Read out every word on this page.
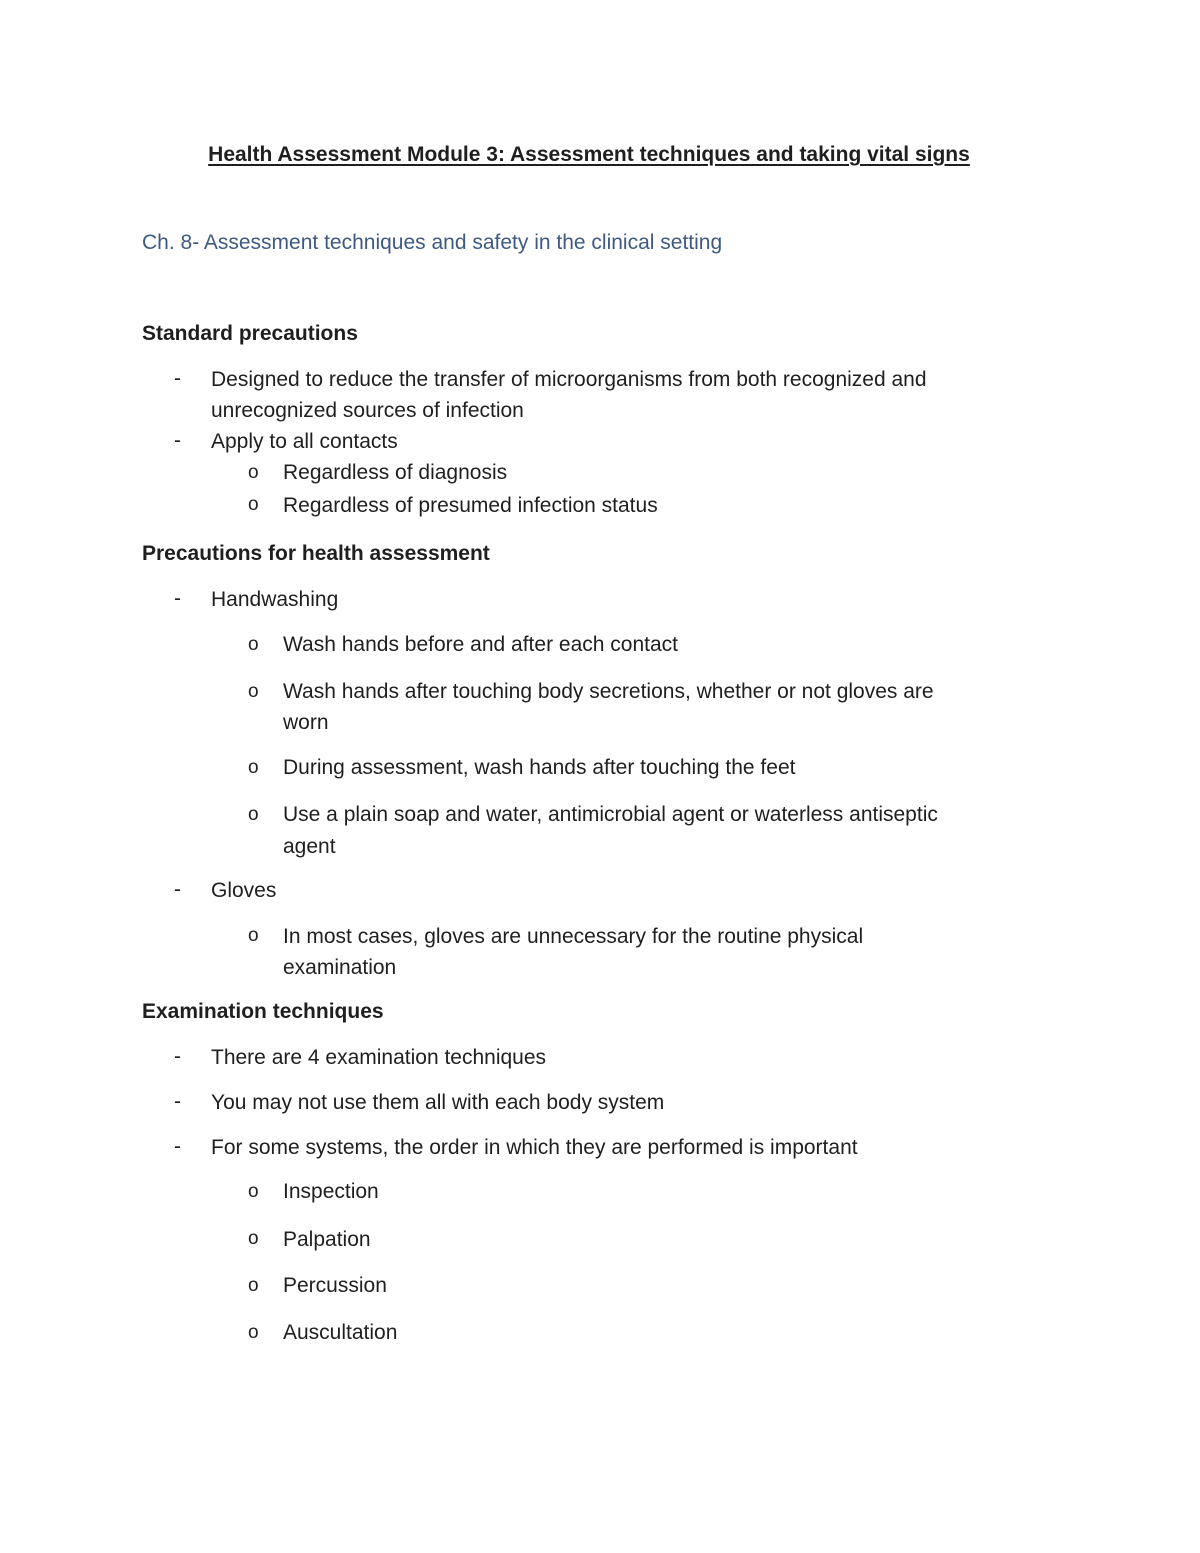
Health Assessment Module 3: Assessment techniques and taking vital signs
Ch. 8- Assessment techniques and safety in the clinical setting
Standard precautions
- Designed to reduce the transfer of microorganisms from both recognized and
unrecognized sources of infection
- Apply to all contacts
o Regardless of diagnosis
o Regardless of presumed infection status
Precautions for health assessment
- Handwashing
o Wash hands before and after each contact
o Wash hands after touching body secretions, whether or not gloves are
worn
o During assessment, wash hands after touching the feet
o Use a plain soap and water, antimicrobial agent or waterless antiseptic
agent
- Gloves
o In most cases, gloves are unnecessary for the routine physical
examination
Examination techniques
- There are 4 examination techniques
- You may not use them all with each body system
- For some systems, the order in which they are performed is important
o Inspection
o Palpation
o Percussion
o Auscultation
